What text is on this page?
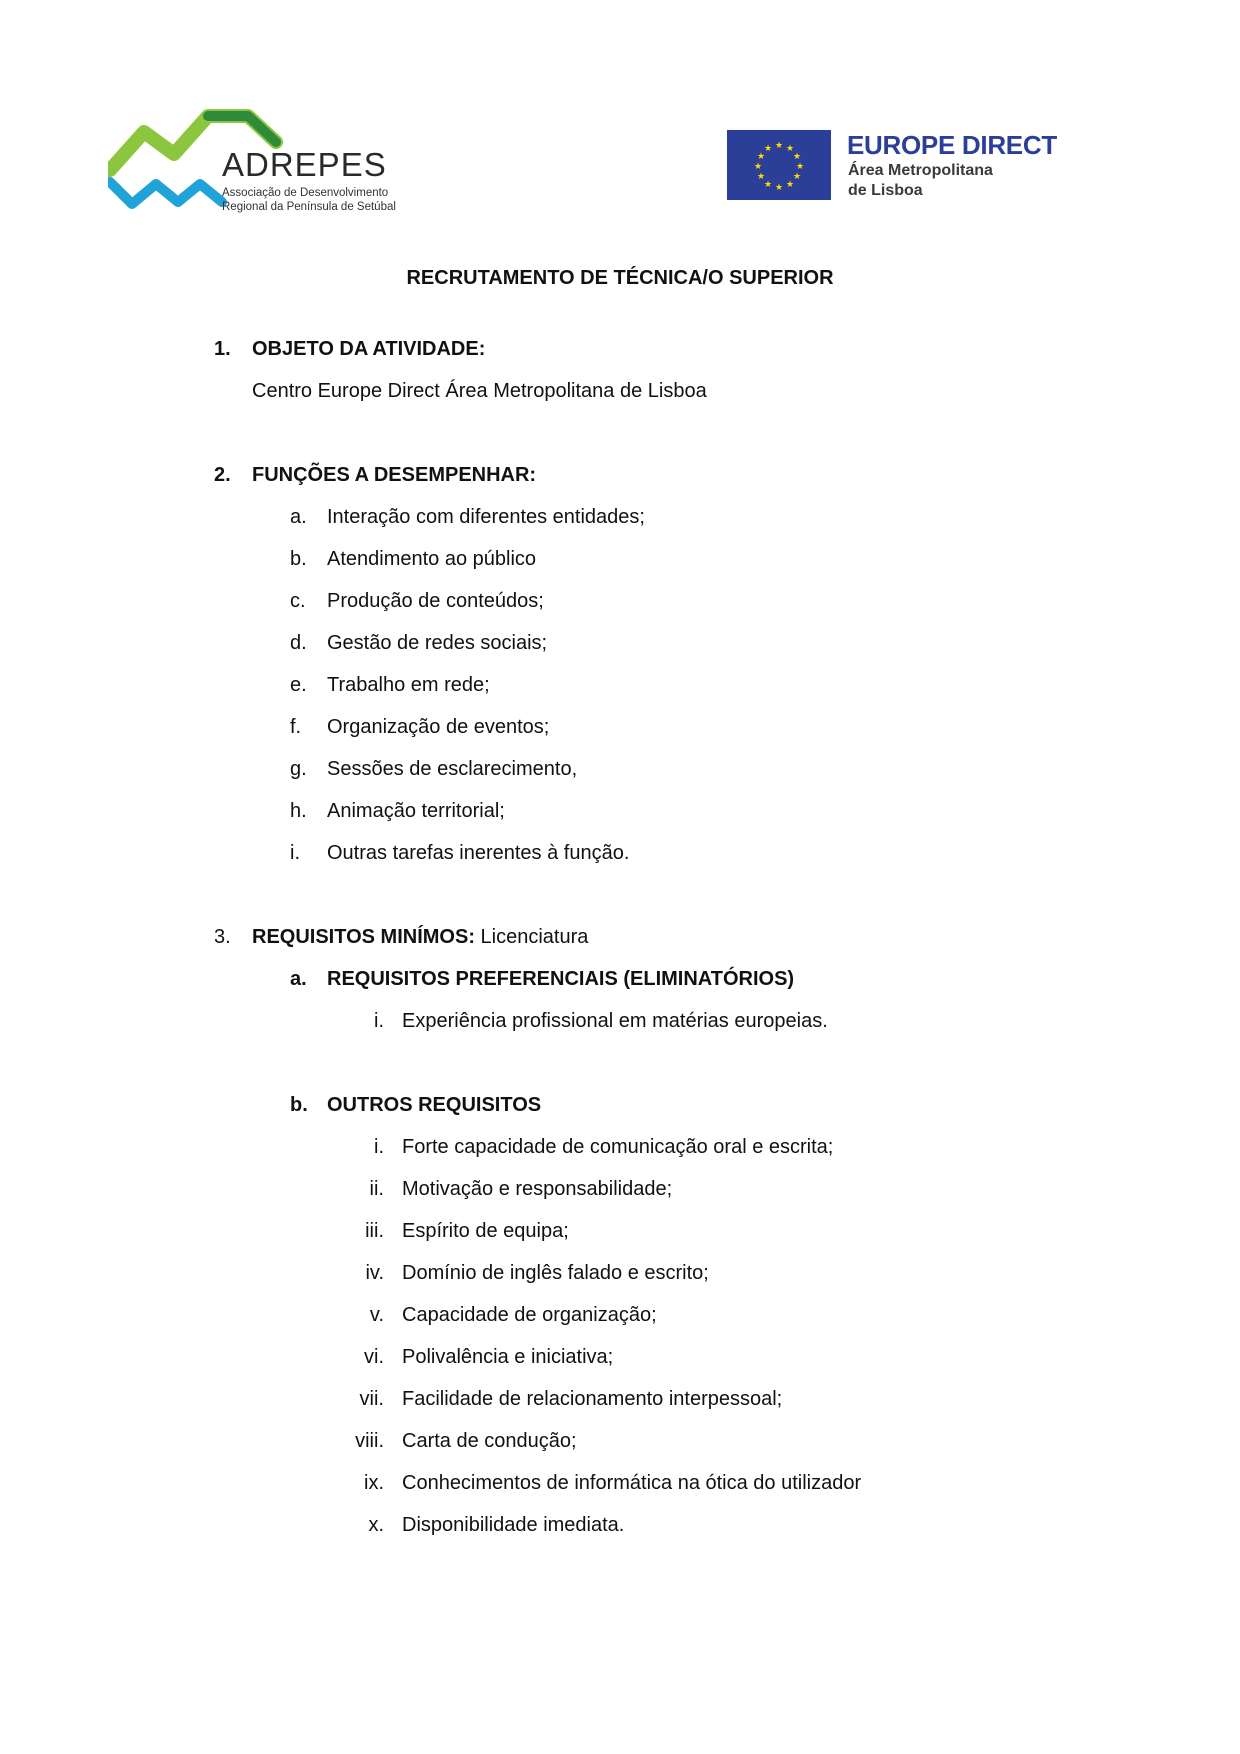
ADREPES
Associação de Desenvolvimento
Regional da Península de Setúbal
★ ★
★
★
★
★
★
★
★
★
★
★	EUROPE DIRECT
Área Metropolitana
de Lisboa
RECRUTAMENTO DE TÉCNICA/O SUPERIOR
1. OBJETO DA ATIVIDADE:
Centro Europe Direct Área Metropolitana de Lisboa
2. FUNÇÕES A DESEMPENHAR:
a. Interação com diferentes entidades;
b. Atendimento ao público
c. Produção de conteúdos;
d. Gestão de redes sociais;
e. Trabalho em rede;
f. Organização de eventos;
g. Sessões de esclarecimento,
h. Animação territorial;
i. Outras tarefas inerentes à função.
3. REQUISITOS MINÍMOS: Licenciatura
a. REQUISITOS PREFERENCIAIS (ELIMINATÓRIOS)
i. Experiência profissional em matérias europeias.
b. OUTROS REQUISITOS
i. Forte capacidade de comunicação oral e escrita;
ii. Motivação e responsabilidade;
iii. Espírito de equipa;
iv. Domínio de inglês falado e escrito;
v. Capacidade de organização;
vi. Polivalência e iniciativa;
vii. Facilidade de relacionamento interpessoal;
viii. Carta de condução;
ix. Conhecimentos de informática na ótica do utilizador
x. Disponibilidade imediata.
